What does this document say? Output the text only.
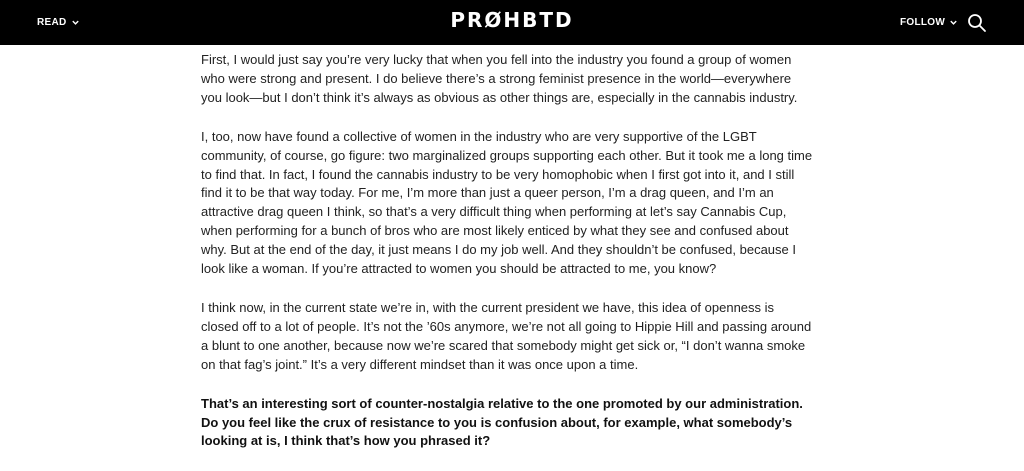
READ	PRØHBTD	FOLLOW

First, I would just say you’re very lucky that when you fell into the industry you found a group of women who were strong and present. I do believe there’s a strong feminist presence in the world—everywhere you look—but I don’t think it’s always as obvious as other things are, especially in the cannabis industry.

I, too, now have found a collective of women in the industry who are very supportive of the LGBT community, of course, go figure: two marginalized groups supporting each other. But it took me a long time to find that. In fact, I found the cannabis industry to be very homophobic when I first got into it, and I still find it to be that way today. For me, I’m more than just a queer person, I’m a drag queen, and I’m an attractive drag queen I think, so that’s a very difficult thing when performing at let’s say Cannabis Cup, when performing for a bunch of bros who are most likely enticed by what they see and confused about why. But at the end of the day, it just means I do my job well. And they shouldn’t be confused, because I look like a woman. If you’re attracted to women you should be attracted to me, you know?

I think now, in the current state we’re in, with the current president we have, this idea of openness is closed off to a lot of people. It’s not the ’60s anymore, we’re not all going to Hippie Hill and passing around a blunt to one another, because now we’re scared that somebody might get sick or, “I don’t wanna smoke on that fag’s joint.” It’s a very different mindset than it was once upon a time.

That’s an interesting sort of counter-nostalgia relative to the one promoted by our administration. Do you feel like the crux of resistance to you is confusion about, for example, what somebody’s looking at is, I think that’s how you phrased it?
